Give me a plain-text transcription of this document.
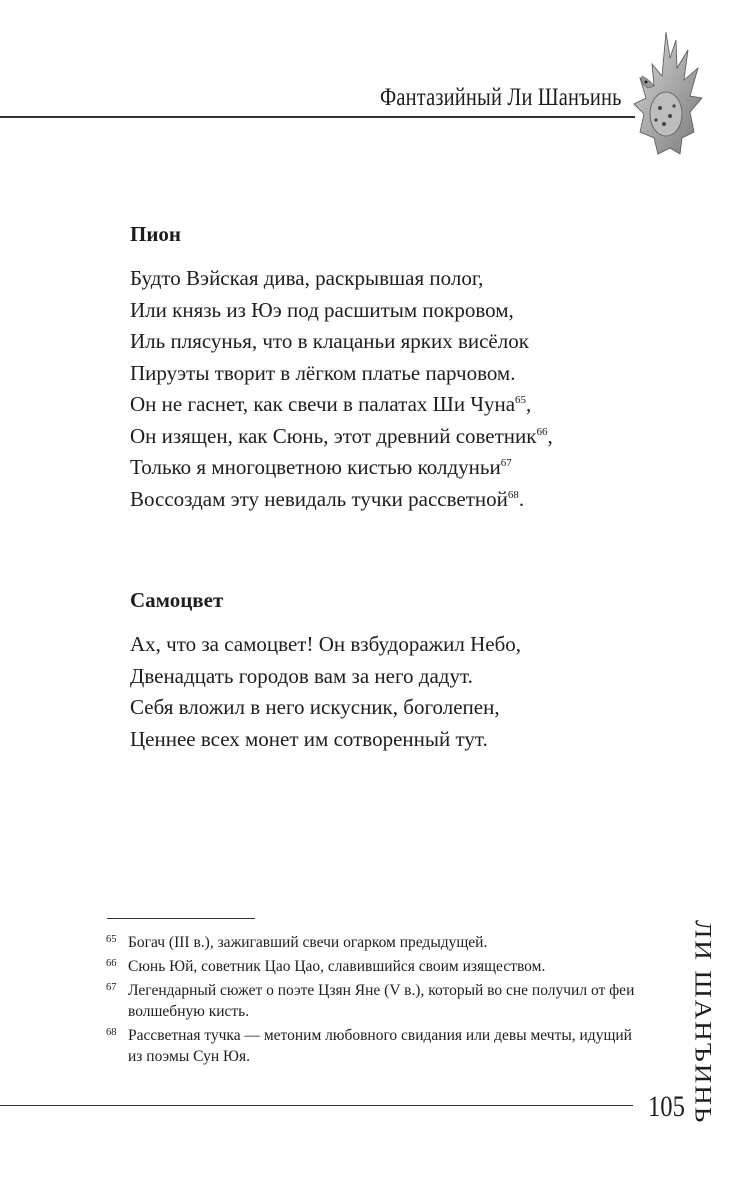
Фантазийный Ли Шанъинь
Пион
Будто Вэйская дива, раскрывшая полог,
Или князь из Юэ под расшитым покровом,
Иль плясунья, что в клацаньи ярких висёлок
Пируэты творит в лёгком платье парчовом.
Он не гаснет, как свечи в палатах Ши Чуна$^{65}$,
Он изящен, как Сюнь, этот древний советник$^{66}$,
Только я многоцветною кистью колдуньи$^{67}$
Воссоздам эту невидаль тучки рассветной$^{68}$.
Самоцвет
Ах, что за самоцвет! Он взбудоражил Небо,
Двенадцать городов вам за него дадут.
Себя вложил в него искусник, боголепен,
Ценнее всех монет им сотворенный тут.
65 Богач (III в.), зажигавший свечи огарком предыдущей.
66 Сюнь Юй, советник Цао Цао, славившийся своим изяществом.
67 Легендарный сюжет о поэте Цзян Яне (V в.), который во сне получил от феи волшебную кисть.
68 Рассветная тучка — метоним любовного свидания или девы мечты, идущий из поэмы Сун Юя.	ЛИ ШАНЪИНЬ
105
